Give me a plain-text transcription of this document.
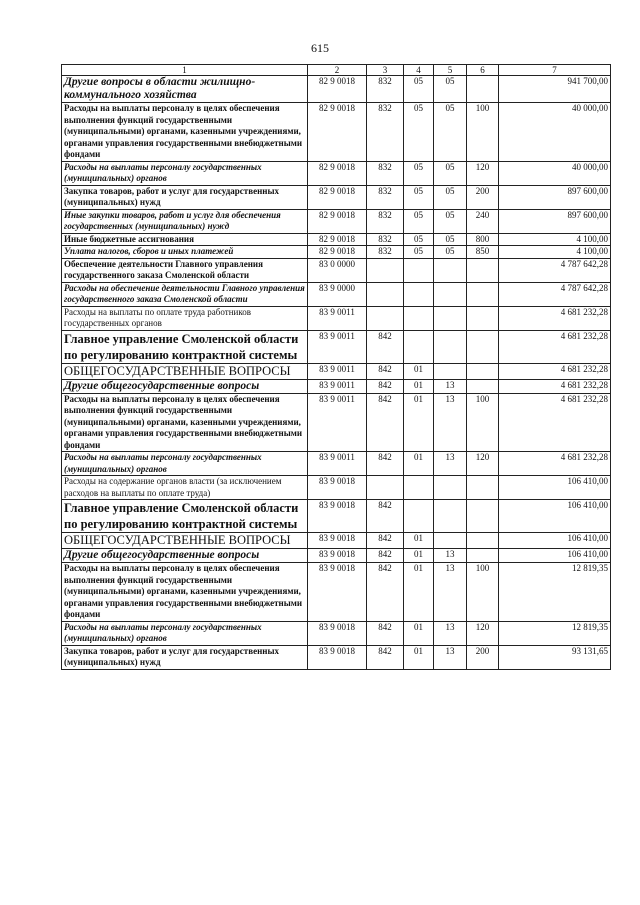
615
1	2	3	4	5	6	7
Другие вопросы в области жилищно-коммунального хозяйства	82 9 0018	832	05	05		941 700,00
Расходы на выплаты персоналу в целях обеспечения выполнения функций государственными (муниципальными) органами, казенными учреждениями, органами управления государственными внебюджетными фондами	82 9 0018	832	05	05	100	40 000,00
Расходы на выплаты персоналу государственных (муниципальных) органов	82 9 0018	832	05	05	120	40 000,00
Закупка товаров, работ и услуг для государственных (муниципальных) нужд	82 9 0018	832	05	05	200	897 600,00
Иные закупки товаров, работ и услуг для обеспечения государственных (муниципальных) нужд	82 9 0018	832	05	05	240	897 600,00
Иные бюджетные ассигнования	82 9 0018	832	05	05	800	4 100,00
Уплата налогов, сборов и иных платежей	82 9 0018	832	05	05	850	4 100,00
Обеспечение деятельности Главного управления государственного заказа Смоленской области	83 0 0000					4 787 642,28
Расходы на обеспечение деятельности Главного управления государственного заказа Смоленской области	83 9 0000					4 787 642,28
Расходы на выплаты по оплате труда работников государственных органов	83 9 0011					4 681 232,28
Главное управление Смоленской области по регулированию контрактной системы	83 9 0011	842				4 681 232,28
ОБЩЕГОСУДАРСТВЕННЫЕ ВОПРОСЫ	83 9 0011	842	01			4 681 232,28
Другие общегосударственные вопросы	83 9 0011	842	01	13		4 681 232,28
Расходы на выплаты персоналу в целях обеспечения выполнения функций государственными (муниципальными) органами, казенными учреждениями, органами управления государственными внебюджетными фондами	83 9 0011	842	01	13	100	4 681 232,28
Расходы на выплаты персоналу государственных (муниципальных) органов	83 9 0011	842	01	13	120	4 681 232,28
Расходы на содержание органов власти (за исключением расходов на выплаты по оплате труда)	83 9 0018					106 410,00
Главное управление Смоленской области по регулированию контрактной системы	83 9 0018	842				106 410,00
ОБЩЕГОСУДАРСТВЕННЫЕ ВОПРОСЫ	83 9 0018	842	01			106 410,00
Другие общегосударственные вопросы	83 9 0018	842	01	13		106 410,00
Расходы на выплаты персоналу в целях обеспечения выполнения функций государственными (муниципальными) органами, казенными учреждениями, органами управления государственными внебюджетными фондами	83 9 0018	842	01	13	100	12 819,35
Расходы на выплаты персоналу государственных (муниципальных) органов	83 9 0018	842	01	13	120	12 819,35
Закупка товаров, работ и услуг для государственных (муниципальных) нужд	83 9 0018	842	01	13	200	93 131,65
